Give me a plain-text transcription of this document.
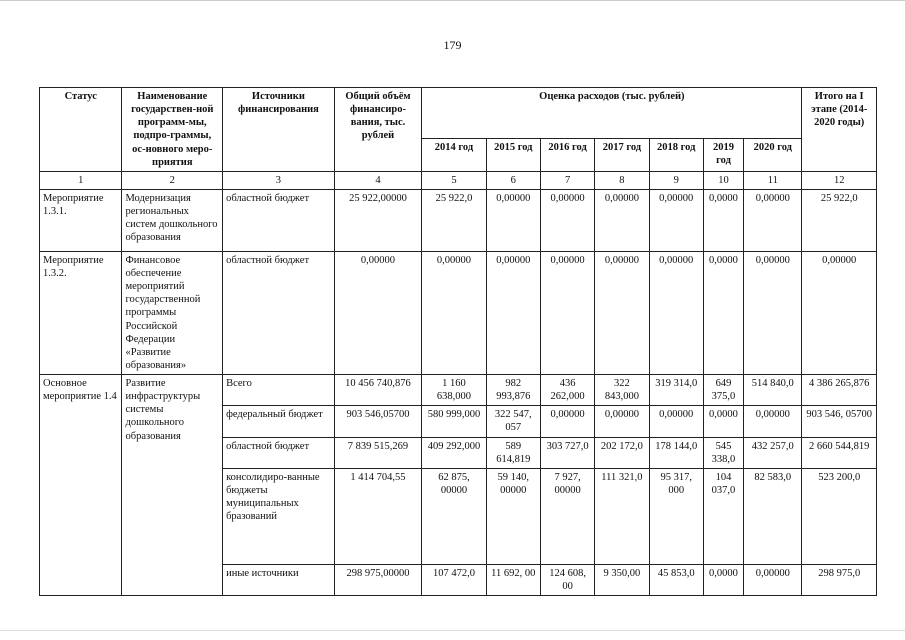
179
Статус	Наименование государствен-ной программ-мы, подпро-граммы, ос-новного меро-приятия	Источники финансирования	Общий объём финансиро-вания, тыс. рублей	Оценка расходов (тыс. рублей)							Итого на I этапе (2014-2020 годы)
				2014 год	2015 год	2016 год	2017 год	2018 год	2019 год	2020 год	
1	2	3	4	5	6	7	8	9	10	11	12
Мероприятие 1.3.1.	Модернизация региональных систем дошкольного образования	областной бюджет	25 922,00000	25 922,0	0,00000	0,00000	0,00000	0,00000	0,0000	0,00000	25 922,0
Мероприятие 1.3.2.	Финансовое обеспечение мероприятий государственной программы Российской Федерации «Развитие образования»	областной бюджет	0,00000	0,00000	0,00000	0,00000	0,00000	0,00000	0,0000	0,00000	0,00000
Основное мероприятие 1.4	Развитие инфраструктуры системы дошкольного образования	Всего	10 456 740,876	1 160 638,000	982 993,876	436 262,000	322 843,000	319 314,0	649 375,0	514 840,0	4 386 265,876
		федеральный бюджет	903 546,05700	580 999,000	322 547, 057	0,00000	0,00000	0,00000	0,0000	0,00000	903 546, 05700
		областной бюджет	7 839 515,269	409 292,000	589 614,819	303 727,0	202 172,0	178 144,0	545 338,0	432 257,0	2 660 544,819
		консолидиро-ванные бюджеты муниципальных бразований	1 414 704,55	62 875, 00000	59 140, 00000	7 927, 00000	111 321,0	95 317, 000	104 037,0	82 583,0	523 200,0
		иные источники	298 975,00000	107 472,0	11 692, 00	124 608, 00	9 350,00	45 853,0	0,0000	0,00000	298 975,0
